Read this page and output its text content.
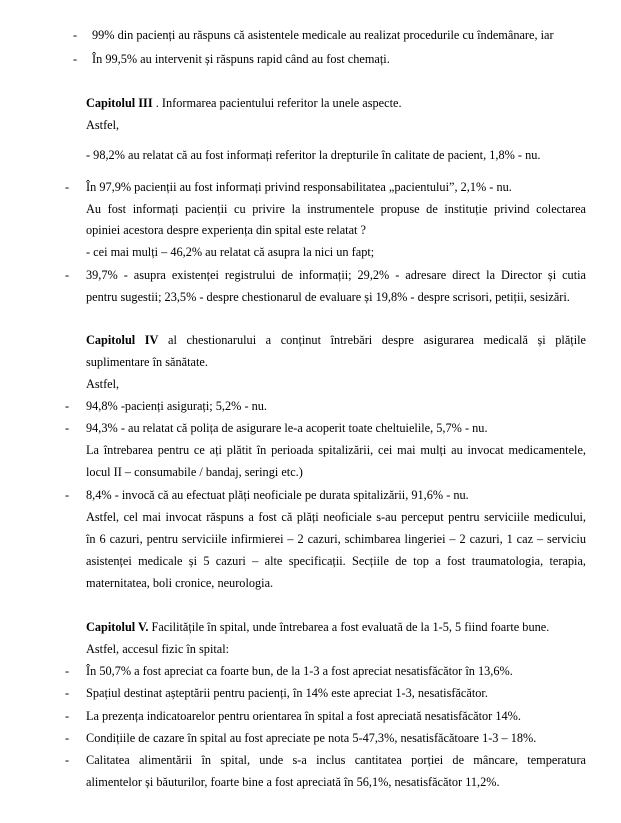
- 99% din pacienți au răspuns că asistentele medicale au realizat procedurile cu îndemânare, iar
- În 99,5% au intervenit și răspuns rapid când au fost chemați.
Capitolul III . Informarea pacientului referitor la unele aspecte.
Astfel,
- 98,2% au relatat că au fost informați referitor la drepturile în calitate de pacient, 1,8% - nu.
- În 97,9% pacienții au fost informați privind responsabilitatea „pacientului”, 2,1% - nu.
Au fost informați pacienții cu privire la instrumentele propuse de instituție privind colectarea
opiniei acestora despre experiența din spital este relatat ?
- cei mai mulți – 46,2% au relatat că asupra la nici un fapt;
- 39,7% - asupra existenței registrului de informații; 29,2% - adresare direct la Director și cutia
pentru sugestii; 23,5% - despre chestionarul de evaluare și 19,8% - despre scrisori, petiții, sesizări.
Capitolul IV al chestionarului a conținut întrebări despre asigurarea medicală și plățile
suplimentare în sănătate.
Astfel,
- 94,8% -pacienți asigurați; 5,2% - nu.
- 94,3% - au relatat că polița de asigurare le-a acoperit toate cheltuielile, 5,7% - nu.
La întrebarea pentru ce ați plătit în perioada spitalizării, cei mai mulți au invocat medicamentele,
locul II – consumabile / bandaj, seringi etc.)
- 8,4% - invocă că au efectuat plăți neoficiale pe durata spitalizării, 91,6% - nu.
Astfel, cel mai invocat răspuns a fost că plăți neoficiale s-au perceput pentru serviciile medicului,
în 6 cazuri, pentru serviciile infirmierei – 2 cazuri, schimbarea lingeriei – 2 cazuri, 1 caz – serviciu
asistenței medicale și 5 cazuri – alte specificații. Secțiile de top a fost traumatologia, terapia,
maternitatea, boli cronice, neurologia.
Capitolul V. Facilitățile în spital, unde întrebarea a fost evaluată de la 1-5, 5 fiind foarte bune.
Astfel, accesul fizic în spital:
- În 50,7% a fost apreciat ca foarte bun, de la 1-3 a fost apreciat nesatisfăcător în 13,6%.
- Spațiul destinat așteptării pentru pacienți, în 14% este apreciat 1-3, nesatisfăcător.
- La prezența indicatoarelor pentru orientarea în spital a fost apreciată nesatisfăcător 14%.
- Condițiile de cazare în spital au fost apreciate pe nota 5-47,3%, nesatisfăcătoare 1-3 – 18%.
- Calitatea alimentării în spital, unde s-a inclus cantitatea porției de mâncare, temperatura
alimentelor și băuturilor, foarte bine a fost apreciată în 56,1%, nesatisfăcător 11,2%.
